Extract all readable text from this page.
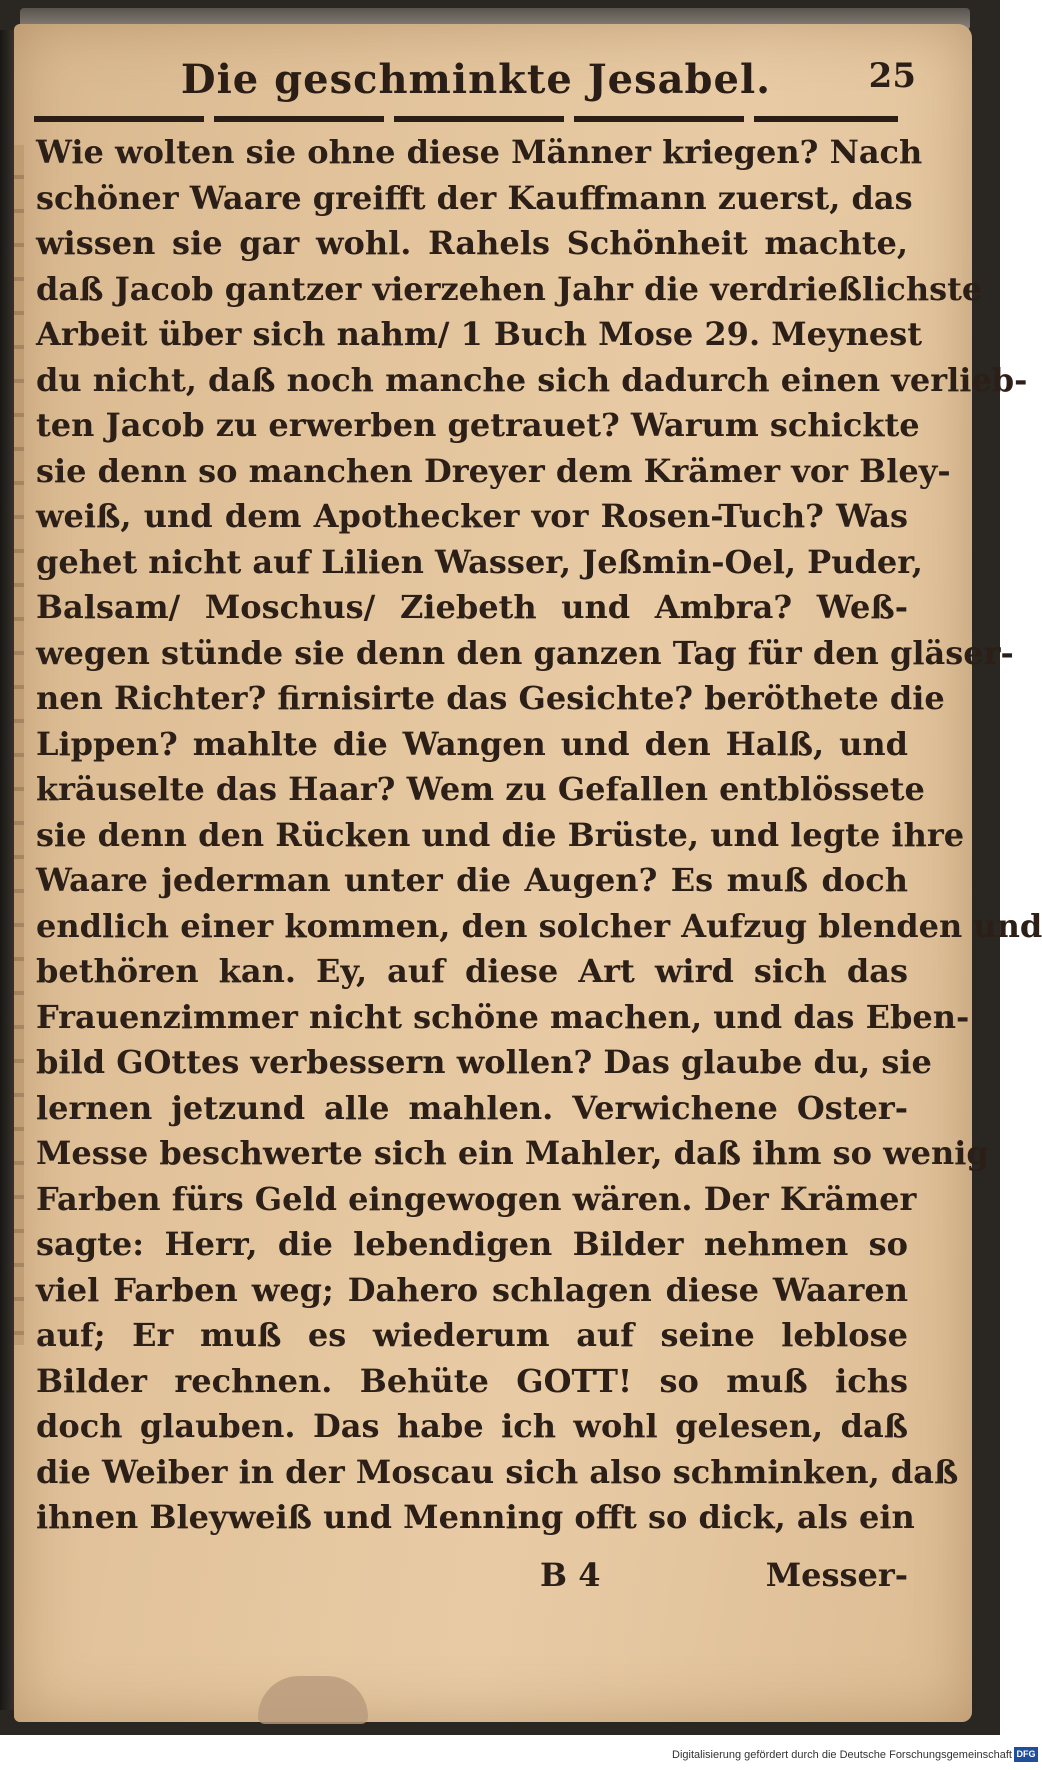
Die geschminkte Jesabel.	25
Wie wolten sie ohne diese Männer kriegen? Nach
schöner Waare greifft der Kauffmann zuerst, das
wissen sie gar wohl. Rahels Schönheit machte,
daß Jacob gantzer vierzehen Jahr die verdrießlichste
Arbeit über sich nahm/ 1 Buch Mose 29. Meynest
du nicht, daß noch manche sich dadurch einen verlieb-
ten Jacob zu erwerben getrauet? Warum schickte
sie denn so manchen Dreyer dem Krämer vor Bley-
weiß, und dem Apothecker vor Rosen-Tuch? Was
gehet nicht auf Lilien Wasser, Jeßmin-Oel, Puder,
Balsam/ Moschus/ Ziebeth und Ambra? Weß-
wegen stünde sie denn den ganzen Tag für den gläser-
nen Richter? firnisirte das Gesichte? beröthete die
Lippen? mahlte die Wangen und den Halß, und
kräuselte das Haar? Wem zu Gefallen entblössete
sie denn den Rücken und die Brüste, und legte ihre
Waare jederman unter die Augen? Es muß doch
endlich einer kommen, den solcher Aufzug blenden und
bethören kan. Ey, auf diese Art wird sich das
Frauenzimmer nicht schöne machen, und das Eben-
bild GOttes verbessern wollen? Das glaube du, sie
lernen jetzund alle mahlen. Verwichene Oster-
Messe beschwerte sich ein Mahler, daß ihm so wenig
Farben fürs Geld eingewogen wären. Der Krämer
sagte: Herr, die lebendigen Bilder nehmen so
viel Farben weg; Dahero schlagen diese Waaren
auf; Er muß es wiederum auf seine leblose
Bilder rechnen. Behüte GOTT! so muß ichs
doch glauben. Das habe ich wohl gelesen, daß
die Weiber in der Moscau sich also schminken, daß
ihnen Bleyweiß und Menning offt so dick, als ein
B 4	Messer-
Digitalisierung gefördert durch die Deutsche Forschungsgemeinschaft DFG
